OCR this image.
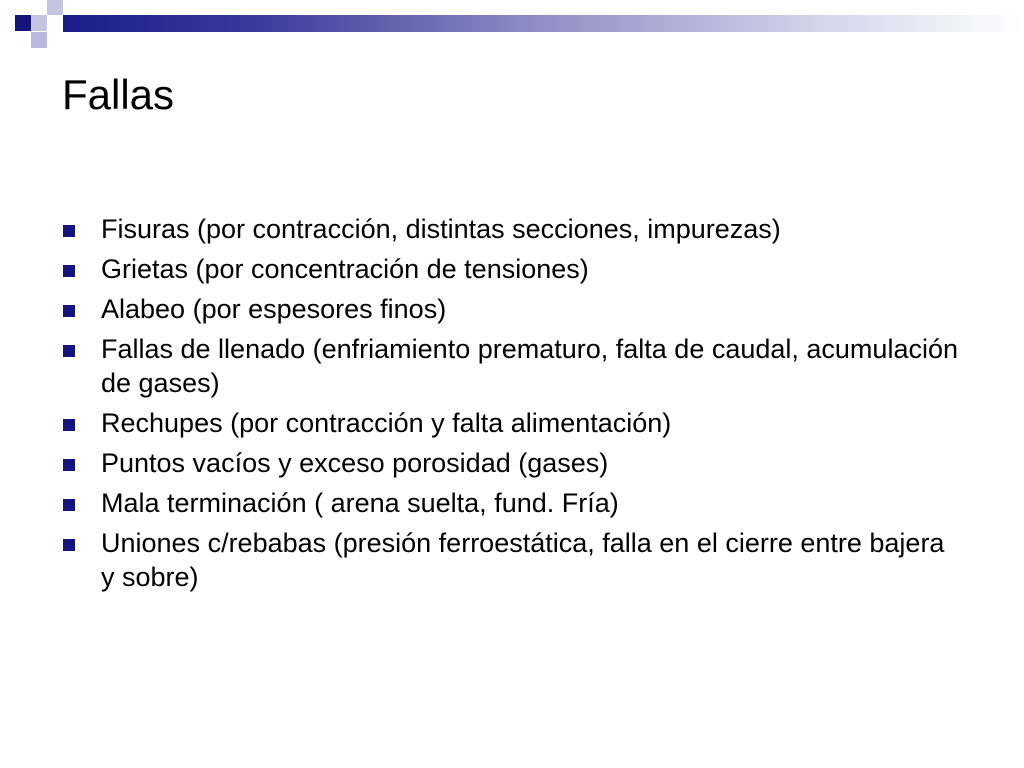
Fallas
Fisuras (por contracción, distintas secciones, impurezas)
Grietas (por concentración de tensiones)
Alabeo (por espesores finos)
Fallas de llenado (enfriamiento prematuro, falta de caudal, acumulación de gases)
Rechupes (por contracción y falta alimentación)
Puntos vacíos y exceso porosidad (gases)
Mala terminación ( arena suelta, fund. Fría)
Uniones c/rebabas (presión ferroestática, falla en el cierre entre bajera y sobre)
